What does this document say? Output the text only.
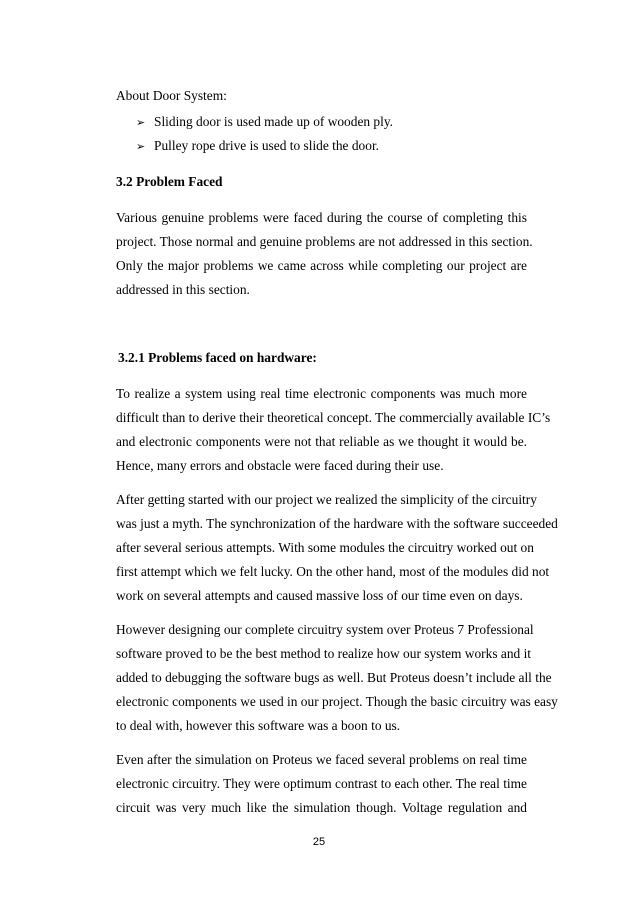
About Door System:
➢ Sliding door is used made up of wooden ply.
➢ Pulley rope drive is used to slide the door.
3.2 Problem Faced
Various genuine problems were faced during the course of completing this
project. Those normal and genuine problems are not addressed in this section.
Only the major problems we came across while completing our project are
addressed in this section.
3.2.1 Problems faced on hardware:
To realize a system using real time electronic components was much more
difficult than to derive their theoretical concept. The commercially available IC’s
and electronic components were not that reliable as we thought it would be.
Hence, many errors and obstacle were faced during their use.
After getting started with our project we realized the simplicity of the circuitry
was just a myth. The synchronization of the hardware with the software succeeded
after several serious attempts. With some modules the circuitry worked out on
first attempt which we felt lucky. On the other hand, most of the modules did not
work on several attempts and caused massive loss of our time even on days.
However designing our complete circuitry system over Proteus 7 Professional
software proved to be the best method to realize how our system works and it
added to debugging the software bugs as well. But Proteus doesn’t include all the
electronic components we used in our project. Though the basic circuitry was easy
to deal with, however this software was a boon to us.
Even after the simulation on Proteus we faced several problems on real time
electronic circuitry. They were optimum contrast to each other. The real time
circuit was very much like the simulation though. Voltage regulation and
25
